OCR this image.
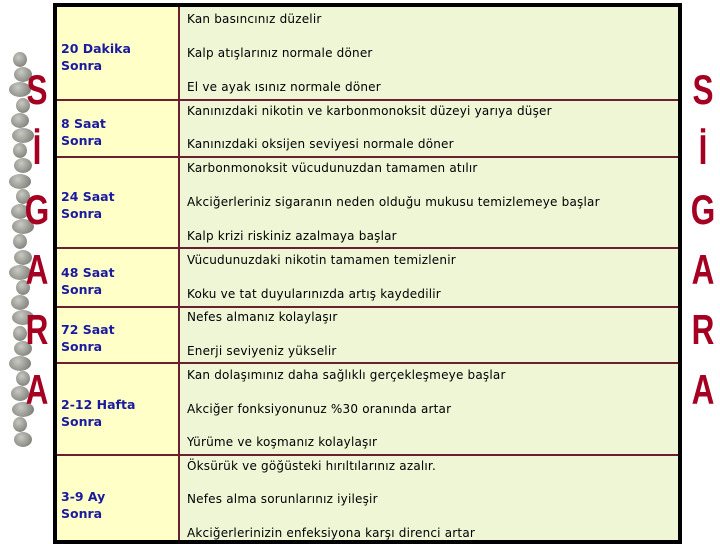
S
İ
G
A
R
A
S
İ
G
A
R
A
20 Dakika
Sonra
Kan basıncınız düzelir
Kalp atışlarınız normale döner
El ve ayak ısınız normale döner
8 Saat
Sonra
Kanınızdaki nikotin ve karbonmonoksit düzeyi yarıya düşer
Kanınızdaki oksijen seviyesi normale döner
24 Saat
Sonra
Karbonmonoksit vücudunuzdan tamamen atılır
Akciğerleriniz sigaranın neden olduğu mukusu temizlemeye başlar
Kalp krizi riskiniz azalmaya başlar
48 Saat
Sonra
Vücudunuzdaki nikotin tamamen temizlenir
Koku ve tat duyularınızda artış kaydedilir
72 Saat
Sonra
Nefes almanız kolaylaşır
Enerji seviyeniz yükselir
2-12 Hafta
Sonra
Kan dolaşımınız daha sağlıklı gerçekleşmeye başlar
Akciğer fonksiyonunuz %30 oranında artar
Yürüme ve koşmanız kolaylaşır
3-9 Ay
Sonra
Öksürük ve göğüsteki hırıltılarınız azalır.
Nefes alma sorunlarınız iyileşir
Akciğerlerinizin enfeksiyona karşı direnci artar
